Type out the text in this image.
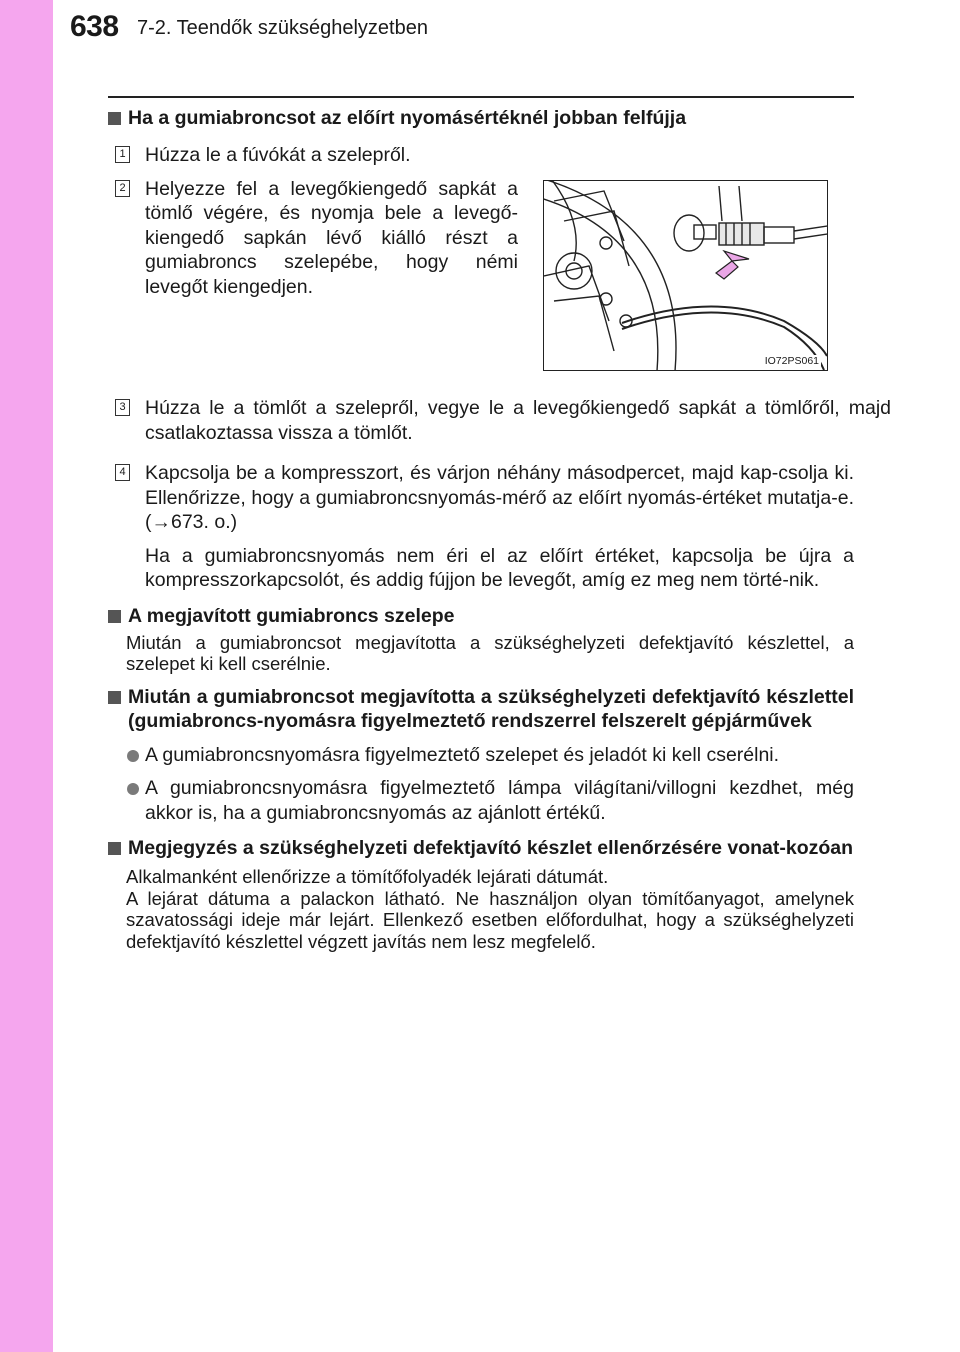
638 7-2. Teendők szükséghelyzetben
Ha a gumiabroncsot az előírt nyomásértéknél jobban felfújja
1 Húzza le a fúvókát a szelepről.
2 Helyezze fel a levegőkiengedő sapkát a tömlő végére, és nyomja bele a levegő-kiengedő sapkán lévő kiálló részt a gumiabroncs szelepébe, hogy némi levegőt kiengedjen.
3 Húzza le a tömlőt a szelepről, vegye le a levegőkiengedő sapkát a tömlőről, majd csatlakoztassa vissza a tömlőt.
4 Kapcsolja be a kompresszort, és várjon néhány másodpercet, majd kap-csolja ki. Ellenőrizze, hogy a gumiabroncsnyomás-mérő az előírt nyomás-értéket mutatja-e. (→673. o.)
Ha a gumiabroncsnyomás nem éri el az előírt értéket, kapcsolja be újra a kompresszorkapcsolót, és addig fújjon be levegőt, amíg ez meg nem törté-nik.
A megjavított gumiabroncs szelepe
Miután a gumiabroncsot megjavította a szükséghelyzeti defektjavító készlettel, a szelepet ki kell cserélnie.
Miután a gumiabroncsot megjavította a szükséghelyzeti defektjavító készlettel (gumiabroncs-nyomásra figyelmeztető rendszerrel felszerelt gépjárművek
A gumiabroncsnyomásra figyelmeztető szelepet és jeladót ki kell cserélni.
A gumiabroncsnyomásra figyelmeztető lámpa világítani/villogni kezdhet, még akkor is, ha a gumiabroncsnyomás az ajánlott értékű.
Megjegyzés a szükséghelyzeti defektjavító készlet ellenőrzésére vonat-kozóan
Alkalmanként ellenőrizze a tömítőfolyadék lejárati dátumát.
A lejárat dátuma a palackon látható. Ne használjon olyan tömítőanyagot, amelynek szavatossági ideje már lejárt. Ellenkező esetben előfordulhat, hogy a szükséghelyzeti defektjavító készlettel végzett javítás nem lesz megfelelő.
IO72PS061
